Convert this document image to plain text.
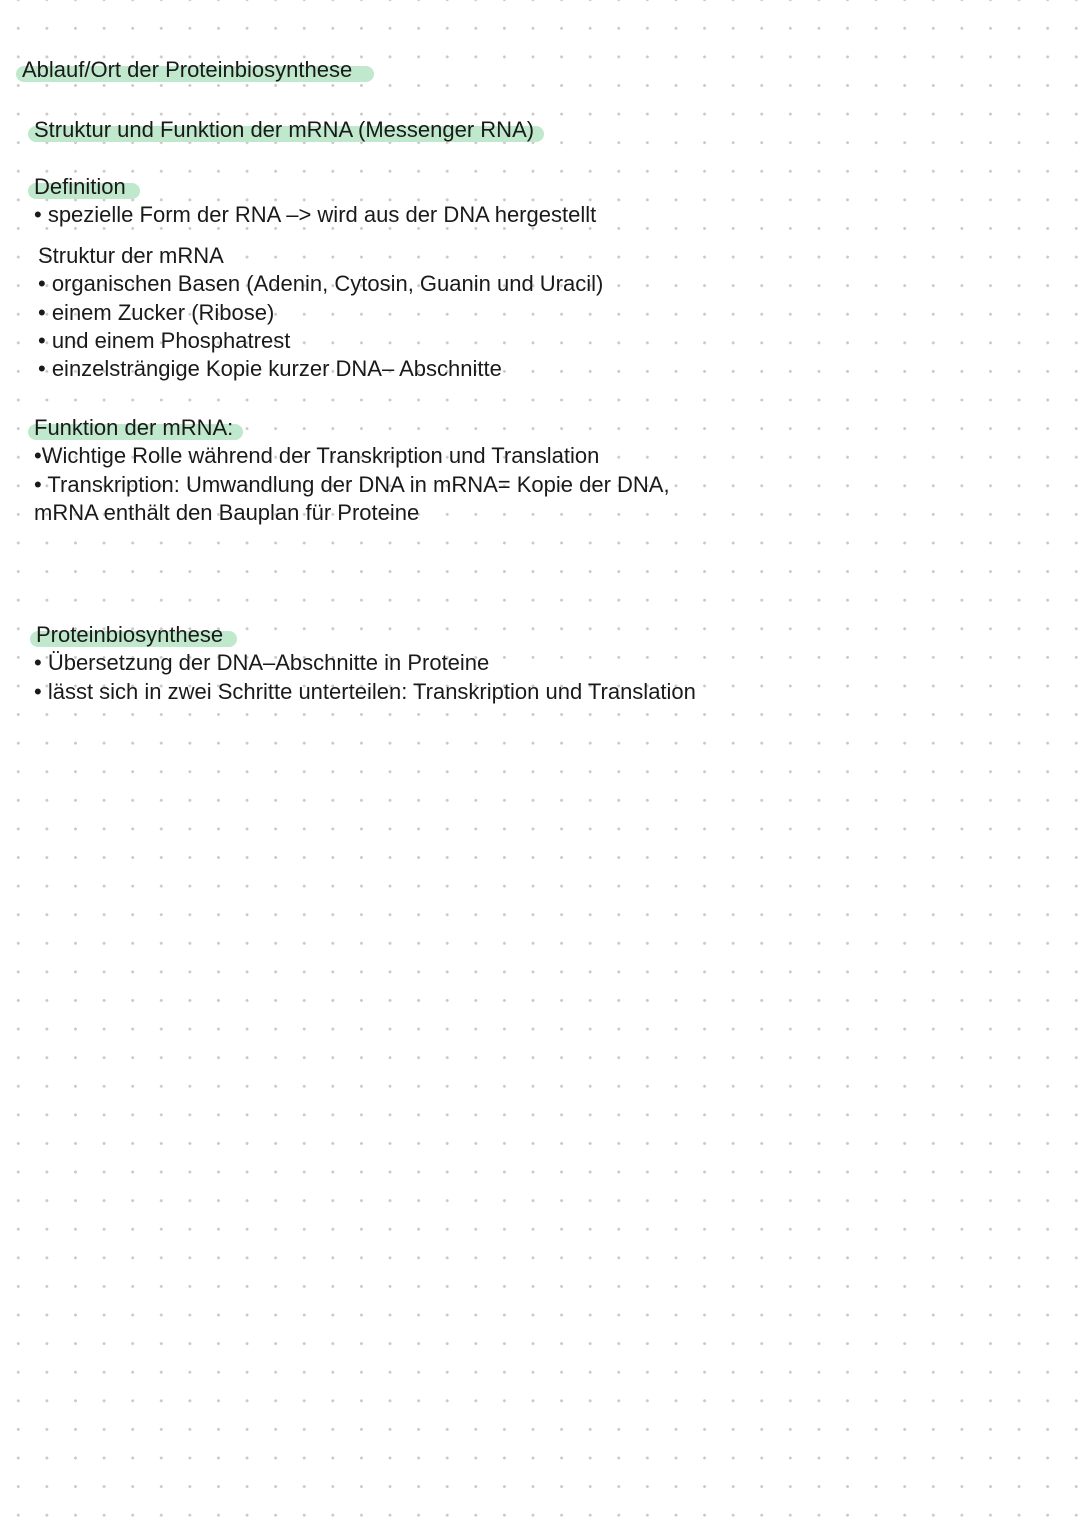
Ablauf/Ort der Proteinbiosynthese
Struktur und Funktion der mRNA (Messenger RNA)
Definition
• spezielle Form der RNA –> wird aus der DNA hergestellt
Struktur der mRNA
• organischen Basen (Adenin, Cytosin, Guanin und Uracil)
• einem Zucker (Ribose)
• und einem Phosphatrest
• einzelsträngige Kopie kurzer DNA– Abschnitte
Funktion der mRNA:
•Wichtige Rolle während der Transkription und Translation
• Transkription: Umwandlung der DNA in mRNA= Kopie der DNA,
mRNA enthält den Bauplan für Proteine
Proteinbiosynthese
• Übersetzung der DNA–Abschnitte in Proteine
• lässt sich in zwei Schritte unterteilen: Transkription und Translation
